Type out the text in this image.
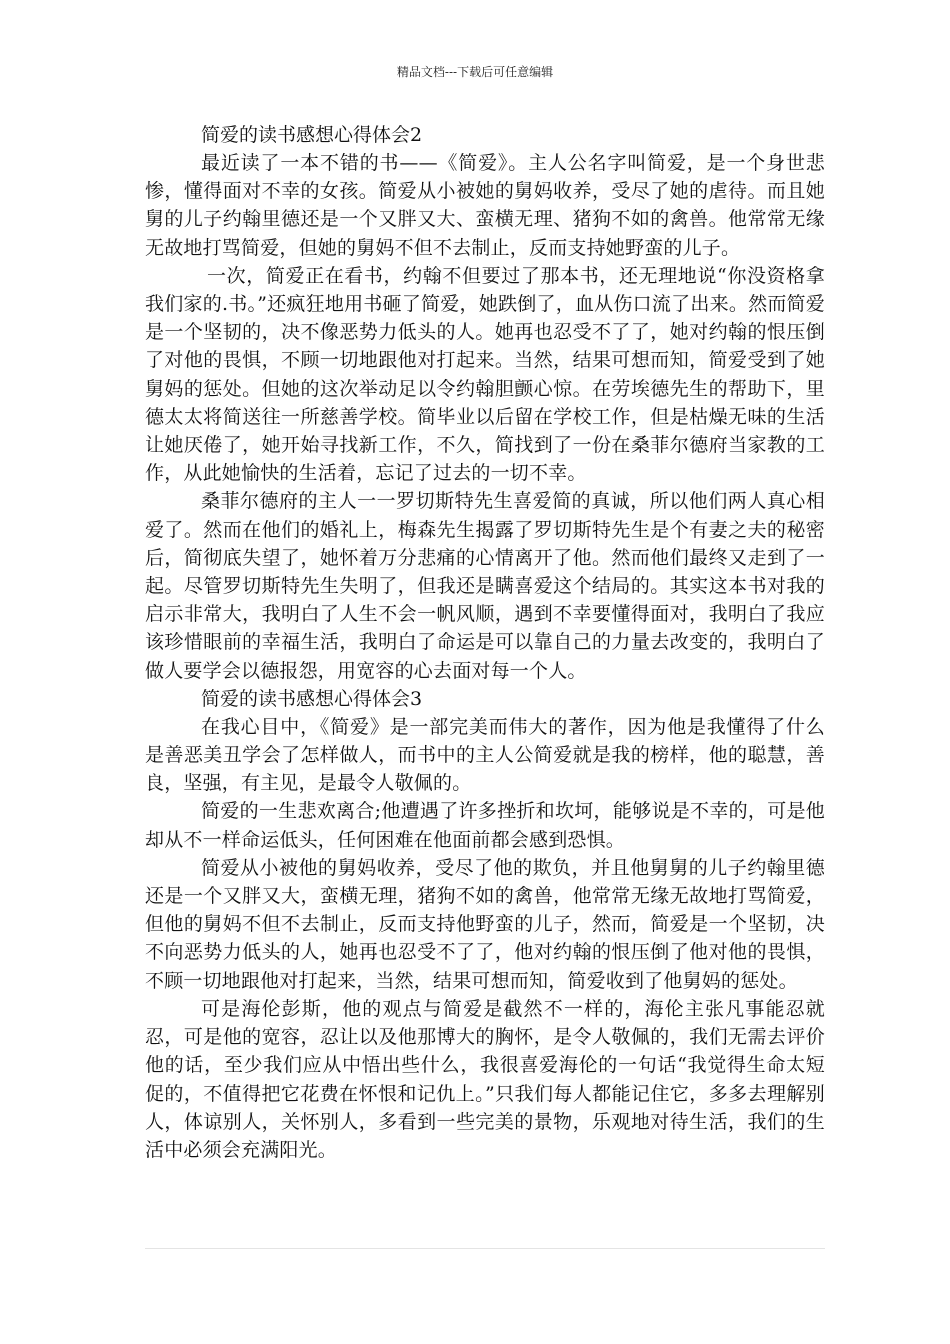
精品文档---下载后可任意编辑
简爱的读书感想心得体会2

最近读了一本不错的书——《简爱》。主人公名字叫简爱，是一个身世悲惨，懂得面对不幸的女孩。简爱从小被她的舅妈收养，受尽了她的虐待。而且她舅的儿子约翰里德还是一个又胖又大、蛮横无理、猪狗不如的禽兽。他常常无缘无故地打骂简爱，但她的舅妈不但不去制止，反而支持她野蛮的儿子。

一次，简爱正在看书，约翰不但要过了那本书，还无理地说“你没资格拿我们家的.书。”还疯狂地用书砸了简爱，她跌倒了，血从伤口流了出来。然而简爱是一个坚韧的，决不像恶势力低头的人。她再也忍受不了了，她对约翰的恨压倒了对他的畏惧，不顾一切地跟他对打起来。当然，结果可想而知，简爱受到了她舅妈的惩处。但她的这次举动足以令约翰胆颤心惊。在劳埃德先生的帮助下，里德太太将简送往一所慈善学校。简毕业以后留在学校工作，但是枯燥无味的生活让她厌倦了，她开始寻找新工作，不久，简找到了一份在桑菲尔德府当家教的工作，从此她愉快的生活着，忘记了过去的一切不幸。

桑菲尔德府的主人一一罗切斯特先生喜爱简的真诚，所以他们两人真心相爱了。然而在他们的婚礼上，梅森先生揭露了罗切斯特先生是个有妻之夫的秘密后，简彻底失望了，她怀着万分悲痛的心情离开了他。然而他们最终又走到了一起。尽管罗切斯特先生失明了，但我还是瞒喜爱这个结局的。其实这本书对我的启示非常大，我明白了人生不会一帆风顺，遇到不幸要懂得面对，我明白了我应该珍惜眼前的幸福生活，我明白了命运是可以靠自己的力量去改变的，我明白了做人要学会以德报怨，用宽容的心去面对每一个人。

简爱的读书感想心得体会3

在我心目中，《简爱》是一部完美而伟大的著作，因为他是我懂得了什么是善恶美丑学会了怎样做人，而书中的主人公简爱就是我的榜样，他的聪慧，善良，坚强，有主见，是最令人敬佩的。

简爱的一生悲欢离合;他遭遇了许多挫折和坎坷，能够说是不幸的，可是他却从不一样命运低头，任何困难在他面前都会感到恐惧。

简爱从小被他的舅妈收养，受尽了他的欺负，并且他舅舅的儿子约翰里德还是一个又胖又大，蛮横无理，猪狗不如的禽兽，他常常无缘无故地打骂简爱，但他的舅妈不但不去制止，反而支持他野蛮的儿子，然而，简爱是一个坚韧，决不向恶势力低头的人，她再也忍受不了了，他对约翰的恨压倒了他对他的畏惧，不顾一切地跟他对打起来，当然，结果可想而知，简爱收到了他舅妈的惩处。

可是海伦彭斯，他的观点与简爱是截然不一样的，海伦主张凡事能忍就忍，可是他的宽容，忍让以及他那博大的胸怀，是令人敬佩的，我们无需去评价他的话，至少我们应从中悟出些什么，我很喜爱海伦的一句话“我觉得生命太短促的，不值得把它花费在怀恨和记仇上。”只我们每人都能记住它，多多去理解别人，体谅别人，关怀别人，多看到一些完美的景物，乐观地对待生活，我们的生活中必须会充满阳光。
